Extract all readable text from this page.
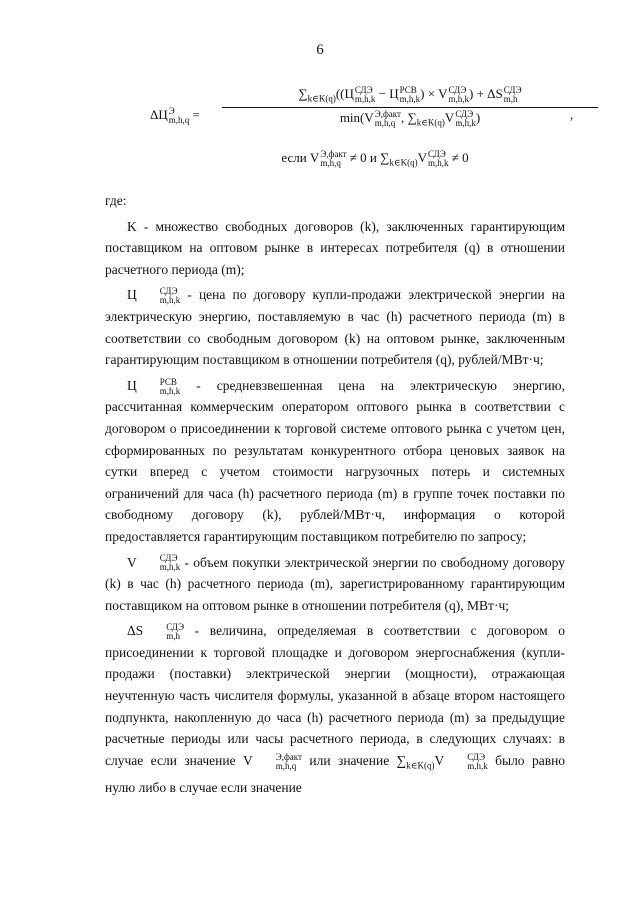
6
ΔЦ Э
m,h,q =
$\sum_{k\in K(q)}((Ц$ СДЭ
m,h,k − Ц РСВ
m,h,k ) × V СДЭ
m,h,k ) + ΔS СДЭ
m,h
min(V Э,факт
m,h,q , $\sum_{k\in K(q)}V$ СДЭ
m,h,k )	,
если V Э,факт
m,h,q ≠ 0 и $\sum_{k\in K(q)}V$ СДЭ
m,h,k ≠ 0

где:

K - множество свободных договоров (k), заключенных гарантирующим поставщиком на оптовом рынке в интересах потребителя (q) в отношении расчетного периода (m);

Ц	СДЭ
m,h,k - цена по договору купли-продажи электрической энергии на электрическую энергию, поставляемую в час (h) расчетного периода (m) в соответствии со свободным договором (k) на оптовом рынке, заключенным гарантирующим поставщиком в отношении потребителя (q), рублей/МВт·ч;

Ц	РСВ
m,h,k - средневзвешенная цена на электрическую энергию, рассчитанная коммерческим оператором оптового рынка в соответствии с договором о присоединении к торговой системе оптового рынка с учетом цен, сформированных по результатам конкурентного отбора ценовых заявок на сутки вперед с учетом стоимости нагрузочных потерь и системных ограничений для часа (h) расчетного периода (m) в группе точек поставки по свободному договору (k), рублей/МВт·ч, информация о которой предоставляется гарантирующим поставщиком потребителю по запросу;

V	СДЭ
m,h,k - объем покупки электрической энергии по свободному договору (k) в час (h) расчетного периода (m), зарегистрированному гарантирующим поставщиком на оптовом рынке в отношении потребителя (q), МВт·ч;

ΔS	СДЭ
m,h	- величина, определяемая в соответствии с договором о присоединении к торговой площадке и договором энергоснабжения (купли-продажи (поставки) электрической энергии (мощности), отражающая неучтенную часть числителя формулы, указанной в абзаце втором настоящего подпункта, накопленную до часа (h) расчетного периода (m) за предыдущие расчетные периоды или часы расчетного периода, в следующих случаях: в случае если значение V	Э,факт
m,h,q или значение $\sum_{k\in K(q)}V$	СДЭ
m,h,k было равно нулю либо в случае если значение
